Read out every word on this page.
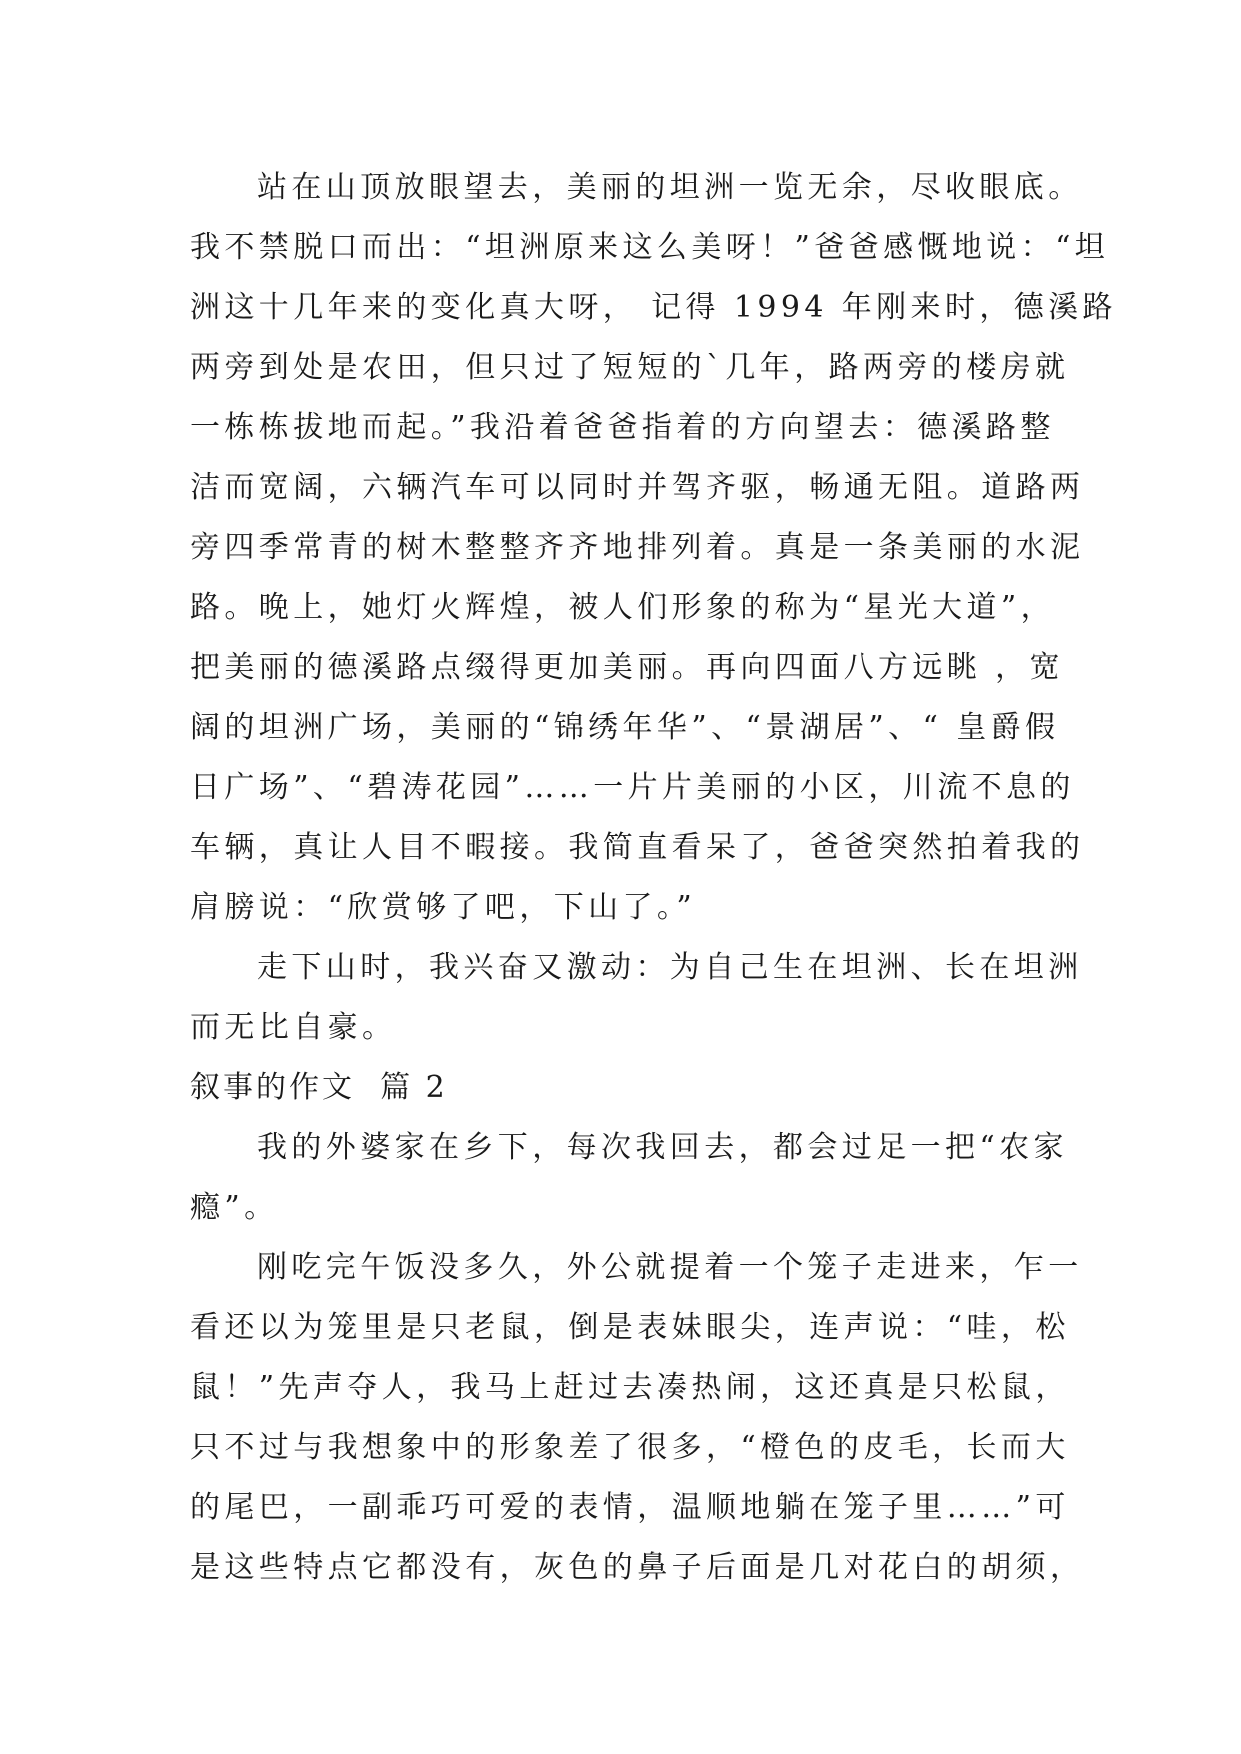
站在山顶放眼望去，美丽的坦洲一览无余，尽收眼底。
我不禁脱口而出：“坦洲原来这么美呀！”爸爸感慨地说：“坦
洲这十几年来的变化真大呀， 记得 1994 年刚来时，德溪路
两旁到处是农田，但只过了短短的`几年，路两旁的楼房就
一栋栋拔地而起。”我沿着爸爸指着的方向望去：德溪路整
洁而宽阔，六辆汽车可以同时并驾齐驱，畅通无阻。道路两
旁四季常青的树木整整齐齐地排列着。真是一条美丽的水泥
路。晚上，她灯火辉煌，被人们形象的称为“星光大道”，
把美丽的德溪路点缀得更加美丽。再向四面八方远眺 ，宽
阔的坦洲广场，美丽的“锦绣年华”、“景湖居”、“ 皇爵假
日广场”、“碧涛花园”……一片片美丽的小区，川流不息的
车辆，真让人目不暇接。我简直看呆了，爸爸突然拍着我的
肩膀说：“欣赏够了吧，下山了。”
走下山时，我兴奋又激动：为自己生在坦洲、长在坦洲
而无比自豪。
叙事的作文  篇 2
我的外婆家在乡下，每次我回去，都会过足一把“农家
瘾”。
刚吃完午饭没多久，外公就提着一个笼子走进来，乍一
看还以为笼里是只老鼠，倒是表妹眼尖，连声说：“哇，松
鼠！”先声夺人，我马上赶过去凑热闹，这还真是只松鼠，
只不过与我想象中的形象差了很多，“橙色的皮毛，长而大
的尾巴，一副乖巧可爱的表情，温顺地躺在笼子里……”可
是这些特点它都没有，灰色的鼻子后面是几对花白的胡须，
